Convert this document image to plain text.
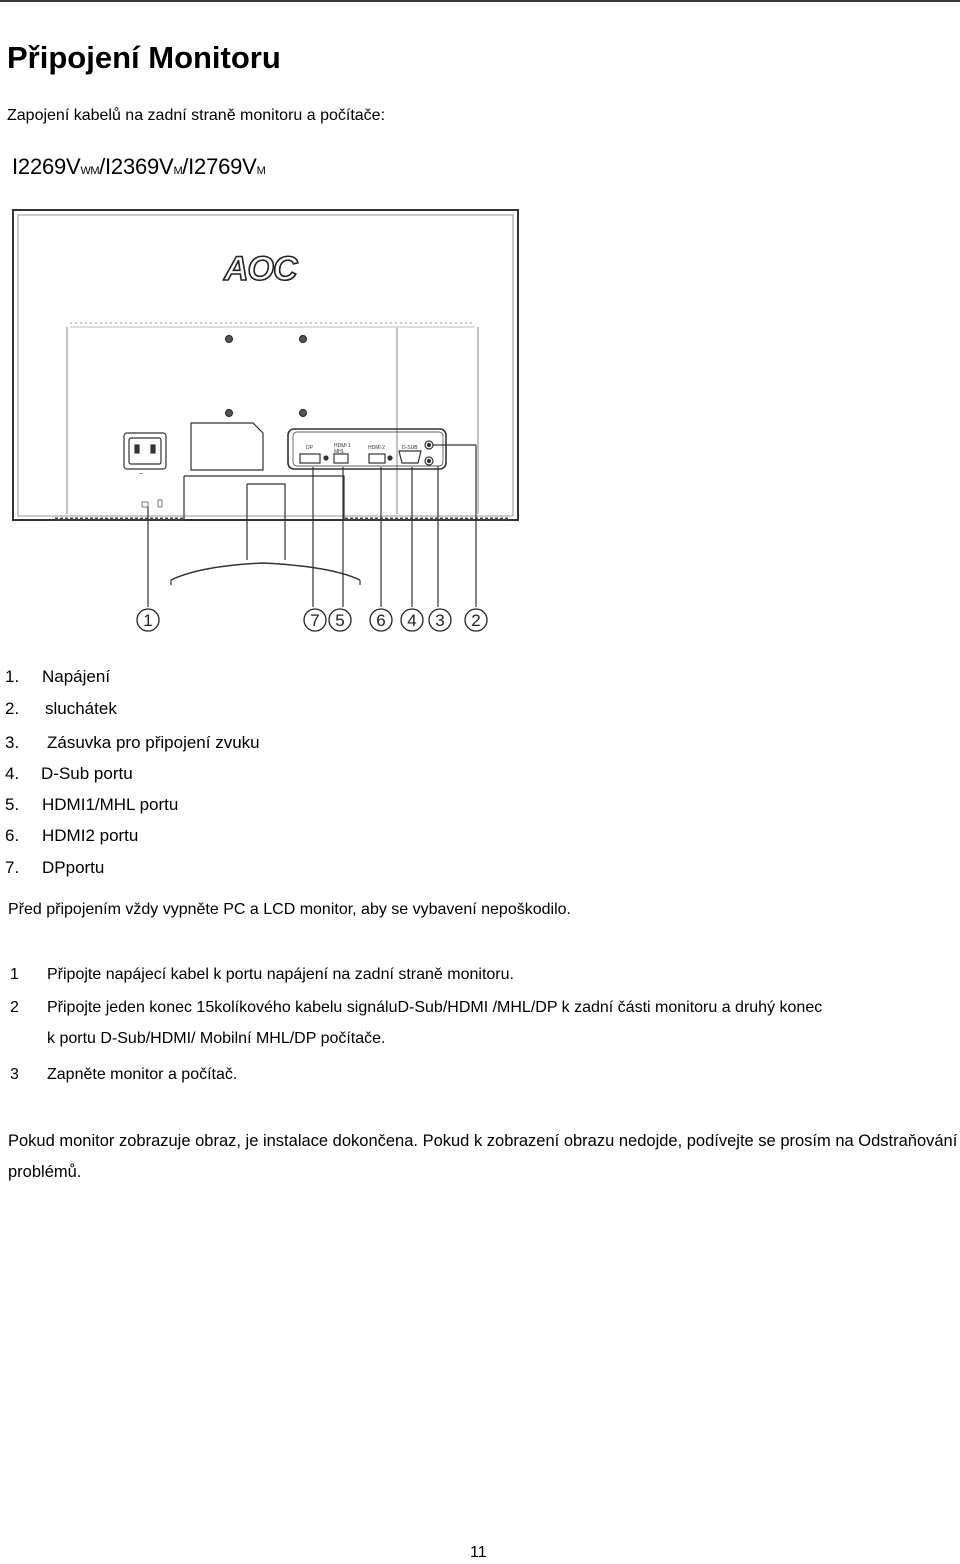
Připojení Monitoru
Zapojení kabelů na zadní straně monitoru a počítače:
I2269VWM/I2369VM/I2769VM
~
AOC
DP	HDMI 1
MHL
HDMI 2	D-SUB
1	7 5 6 4 3 2
1. Napájení
2. sluchátek
3. Zásuvka pro připojení zvuku
4. D-Sub portu
5. HDMI1/MHL portu
6. HDMI2 portu
7. DPportu
Před připojením vždy vypněte PC a LCD monitor, aby se vybavení nepoškodilo.
1 Připojte napájecí kabel k portu napájení na zadní straně monitoru.
2 Připojte jeden konec 15kolíkového kabelu signáluD-Sub/HDMI /MHL/DP k zadní části monitoru a druhý konec
k portu D-Sub/HDMI/ Mobilní MHL/DP počítače.
3 Zapněte monitor a počítač.
Pokud monitor zobrazuje obraz, je instalace dokončena. Pokud k zobrazení obrazu nedojde, podívejte se prosím na Odstraňování problémů.
11
